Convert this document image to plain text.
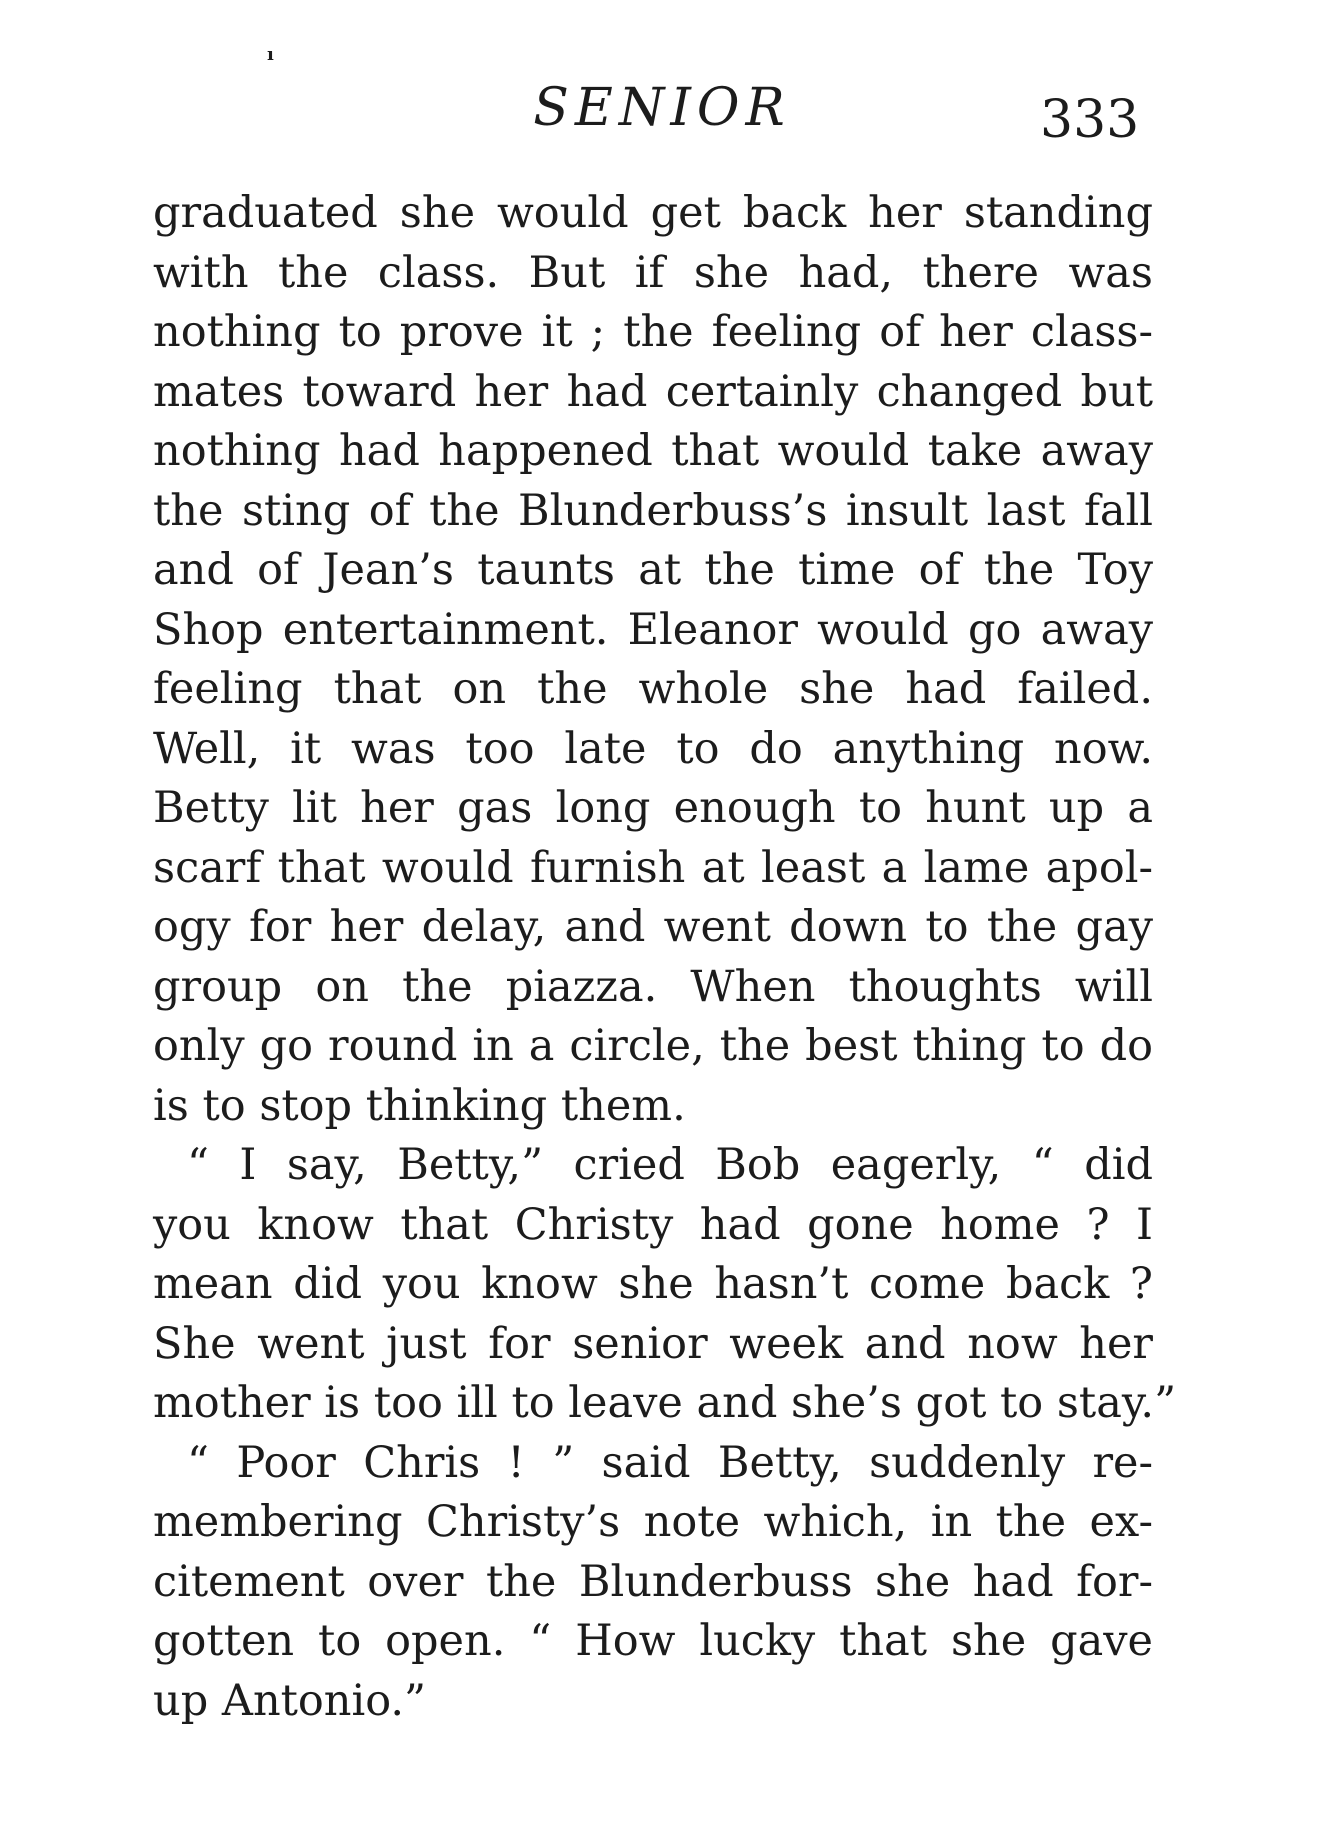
ı
SENIOR	333
graduated she would get back her standing
with the class. But if she had, there was
nothing to prove it ; the feeling of her class-
mates toward her had certainly changed but
nothing had happened that would take away
the sting of the Blunderbuss’s insult last fall
and of Jean’s taunts at the time of the Toy
Shop entertainment. Eleanor would go away
feeling that on the whole she had failed.
Well, it was too late to do anything now.
Betty lit her gas long enough to hunt up a
scarf that would furnish at least a lame apol-
ogy for her delay, and went down to the gay
group on the piazza. When thoughts will
only go round in a circle, the best thing to do
is to stop thinking them.
“ I say, Betty,” cried Bob eagerly, “ did
you know that Christy had gone home ? I
mean did you know she hasn’t come back ?
She went just for senior week and now her
mother is too ill to leave and she’s got to stay.”
“ Poor Chris ! ” said Betty, suddenly re-
membering Christy’s note which, in the ex-
citement over the Blunderbuss she had for-
gotten to open. “ How lucky that she gave
up Antonio.”
